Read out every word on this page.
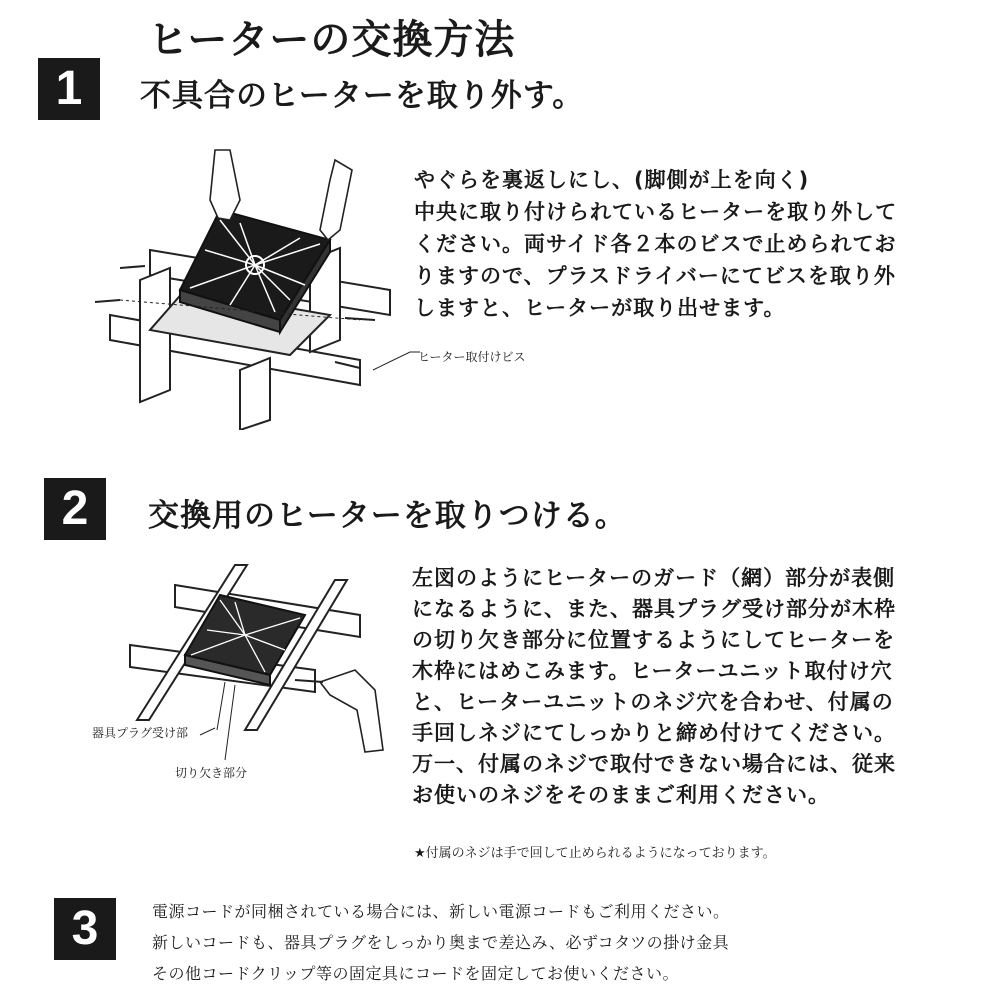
ヒーターの交換方法
1	不具合のヒーターを取り外す。
ヒーター取付けビス
やぐらを裏返しにし、(脚側が上を向く)
中央に取り付けられているヒーターを取り外して
ください。両サイド各２本のビスで止められてお
りますので、プラスドライバーにてビスを取り外
しますと、ヒーターが取り出せます。
2	交換用のヒーターを取りつける。
器具プラグ受け部
切り欠き部分
左図のようにヒーターのガード（網）部分が表側
になるように、また、器具プラグ受け部分が木枠
の切り欠き部分に位置するようにしてヒーターを
木枠にはめこみます。ヒーターユニット取付け穴
と、ヒーターユニットのネジ穴を合わせ、付属の
手回しネジにてしっかりと締め付けてください。
万一、付属のネジで取付できない場合には、従来
お使いのネジをそのままご利用ください。
★付属のネジは手で回して止められるようになっております。
3	電源コードが同梱されている場合には、新しい電源コードもご利用ください。
新しいコードも、器具プラグをしっかり奥まで差込み、必ずコタツの掛け金具
その他コードクリップ等の固定具にコードを固定してお使いください。
